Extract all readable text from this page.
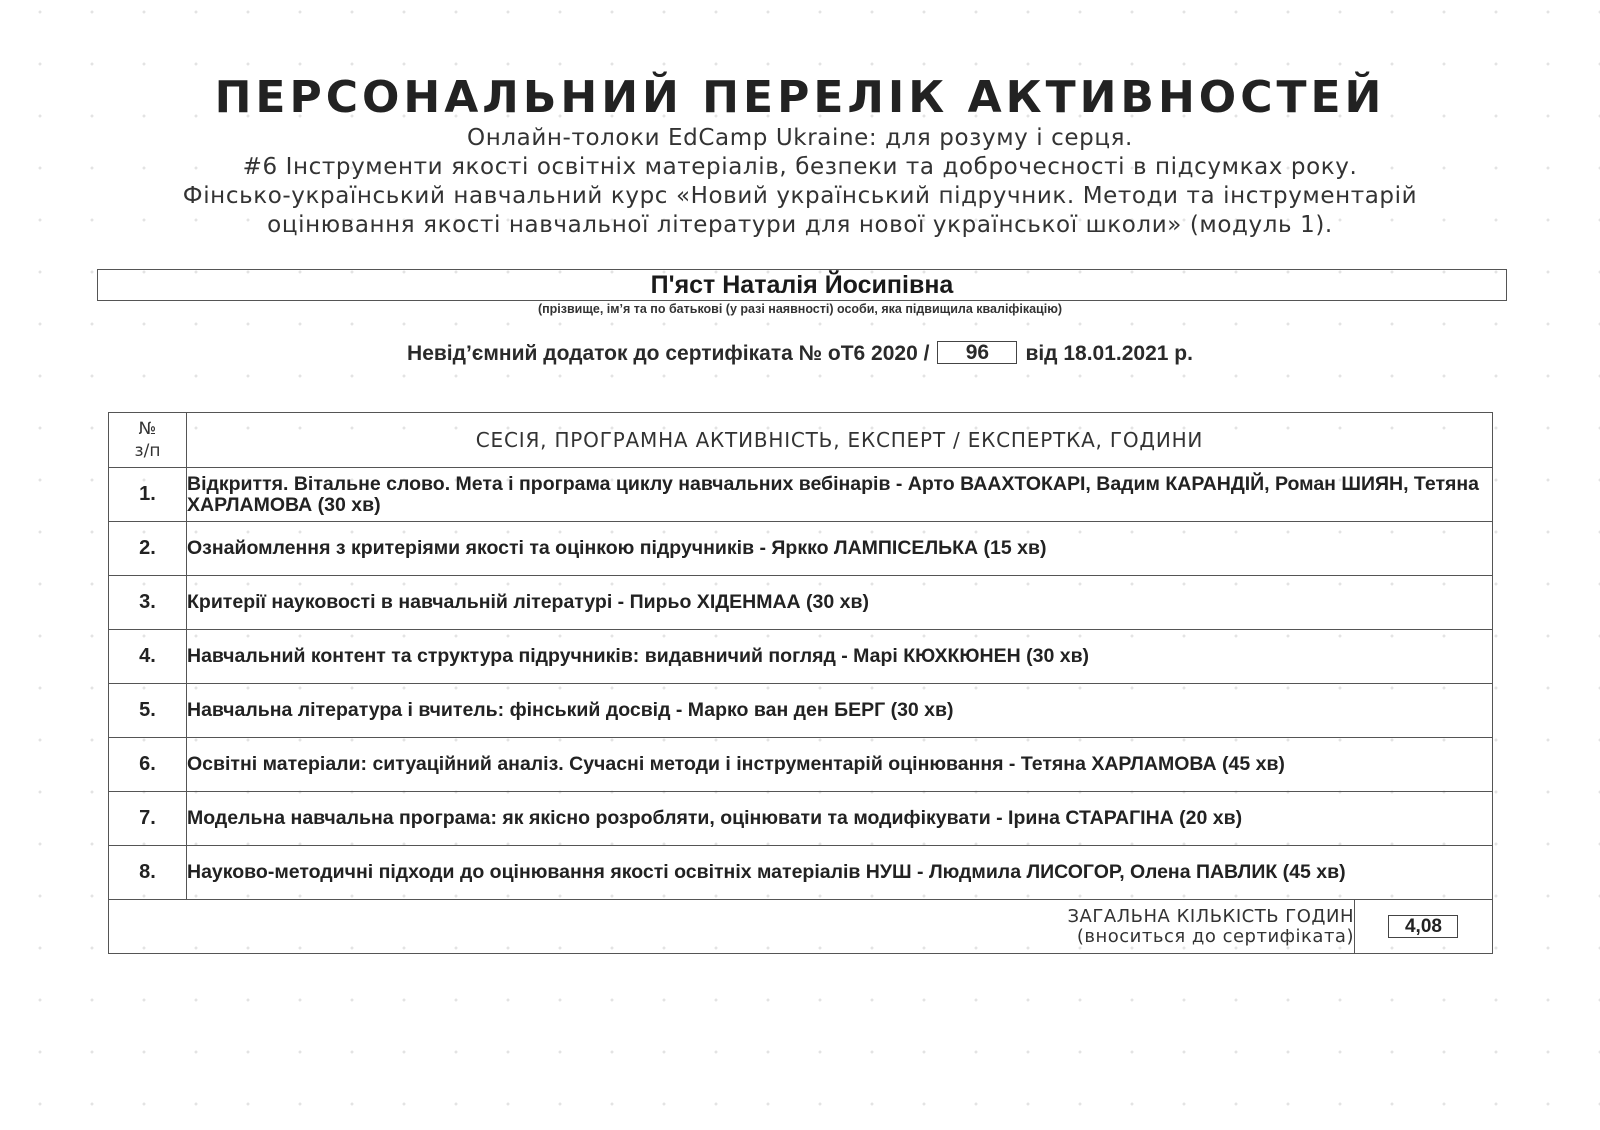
ПЕРСОНАЛЬНИЙ ПЕРЕЛІК АКТИВНОСТЕЙ
Онлайн-толоки EdCamp Ukraine: для розуму і серця.
#6 Інструменти якості освітніх матеріалів, безпеки та доброчесності в підсумках року.
Фінсько-український навчальний курс «Новий український підручник. Методи та інструментарій
оцінювання якості навчальної літератури для нової української школи» (модуль 1).
П'яст Наталія Йосипівна
(прізвище, ім’я та по батькові (у разі наявності) особи, яка підвищила кваліфікацію)
Невід’ємний додаток до сертифіката № оТ6 2020 / 96 від 18.01.2021 р.
№
з/п	СЕСІЯ, ПРОГРАМНА АКТИВНІСТЬ, ЕКСПЕРТ / ЕКСПЕРТКА, ГОДИНИ	
1.	Відкриття. Вітальне слово. Мета і програма циклу навчальних вебінарів - Арто ВААХТОКАРІ, Вадим КАРАНДІЙ, Роман ШИЯН, Тетяна ХАРЛАМОВА (30 хв)	
2.	Ознайомлення з критеріями якості та оцінкою підручників - Яркко ЛАМПІСЕЛЬКА (15 хв)	
3.	Критерії науковості в навчальній літературі - Пирьо ХІДЕНМАА (30 хв)	
4.	Навчальний контент та структура підручників: видавничий погляд - Марі КЮХКЮНЕН (30 хв)	
5.	Навчальна література і вчитель: фінський досвід - Марко ван ден БЕРГ (30 хв)	
6.	Освітні матеріали: ситуаційний аналіз. Сучасні методи і інструментарій оцінювання - Тетяна ХАРЛАМОВА (45 хв)	
7.	Модельна навчальна програма: як якісно розробляти, оцінювати та модифікувати - Ірина СТАРАГІНА (20 хв)	
8.	Науково-методичні підходи до оцінювання якості освітніх матеріалів НУШ - Людмила ЛИСОГОР, Олена ПАВЛИК (45 хв)	

ЗАГАЛЬНА КІЛЬКІСТЬ ГОДИН
(вноситься до сертифіката)		4,08
